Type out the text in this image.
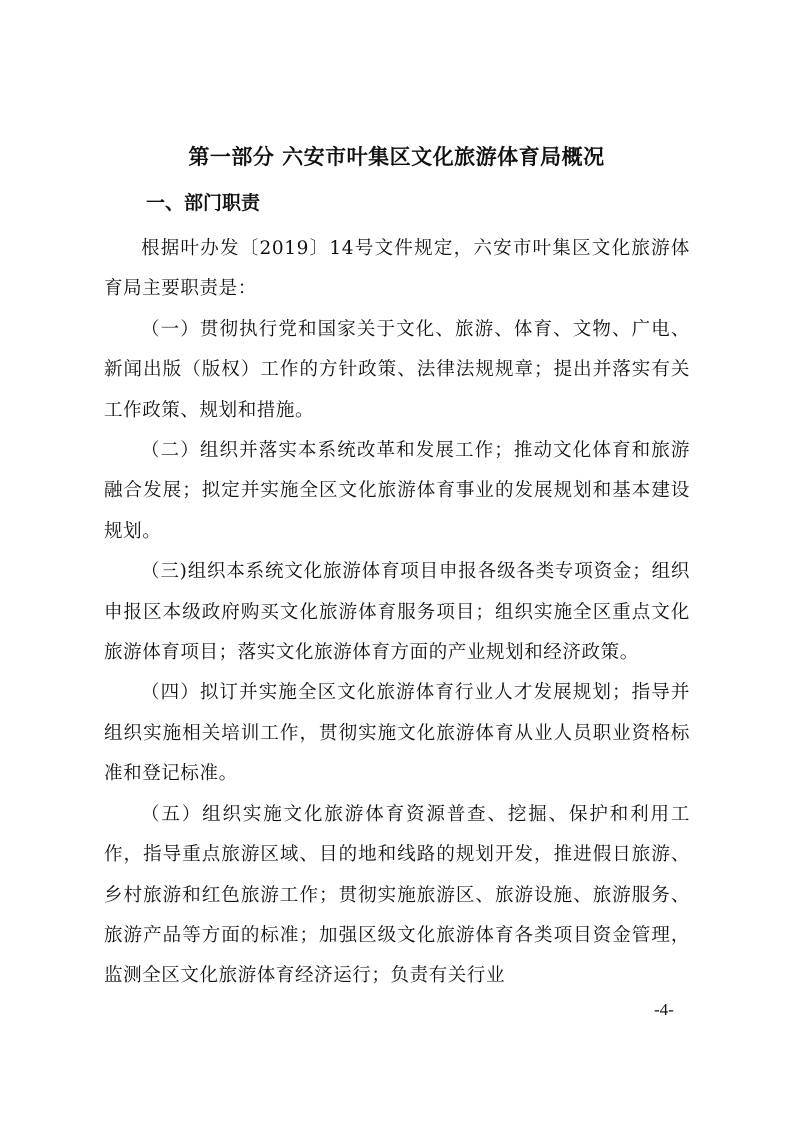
第一部分 六安市叶集区文化旅游体育局概况
一、部门职责

根据叶办发〔2019〕14号文件规定，六安市叶集区文化旅游体育局主要职责是：

（一）贯彻执行党和国家关于文化、旅游、体育、文物、广电、新闻出版（版权）工作的方针政策、法律法规规章；提出并落实有关工作政策、规划和措施。

（二）组织并落实本系统改革和发展工作；推动文化体育和旅游融合发展；拟定并实施全区文化旅游体育事业的发展规划和基本建设规划。

（三)组织本系统文化旅游体育项目申报各级各类专项资金；组织申报区本级政府购买文化旅游体育服务项目；组织实施全区重点文化旅游体育项目；落实文化旅游体育方面的产业规划和经济政策。

（四）拟订并实施全区文化旅游体育行业人才发展规划；指导并组织实施相关培训工作，贯彻实施文化旅游体育从业人员职业资格标准和登记标准。

（五）组织实施文化旅游体育资源普查、挖掘、保护和利用工作，指导重点旅游区域、目的地和线路的规划开发，推进假日旅游、乡村旅游和红色旅游工作；贯彻实施旅游区、旅游设施、旅游服务、旅游产品等方面的标准；加强区级文化旅游体育各类项目资金管理，监测全区文化旅游体育经济运行；负责有关行业

-4-
